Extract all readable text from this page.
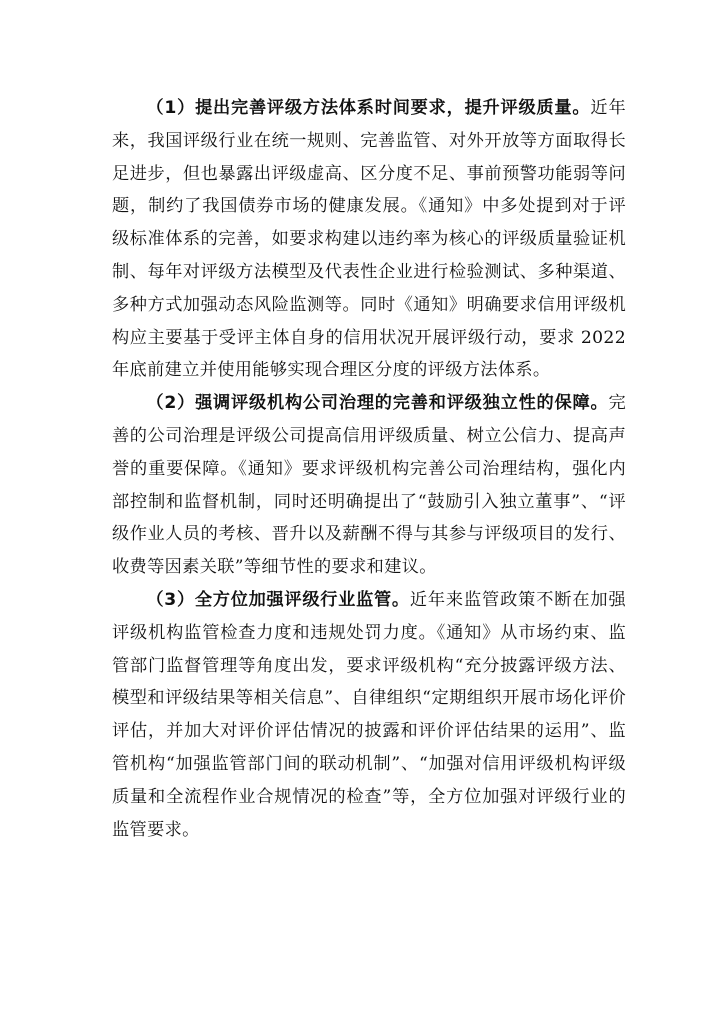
（1）提出完善评级方法体系时间要求，提升评级质量。近年来，我国评级行业在统一规则、完善监管、对外开放等方面取得长足进步，但也暴露出评级虚高、区分度不足、事前预警功能弱等问题，制约了我国债券市场的健康发展。《通知》中多处提到对于评级标准体系的完善，如要求构建以违约率为核心的评级质量验证机制、每年对评级方法模型及代表性企业进行检验测试、多种渠道、多种方式加强动态风险监测等。同时《通知》明确要求信用评级机构应主要基于受评主体自身的信用状况开展评级行动，要求 2022 年底前建立并使用能够实现合理区分度的评级方法体系。

（2）强调评级机构公司治理的完善和评级独立性的保障。完善的公司治理是评级公司提高信用评级质量、树立公信力、提高声誉的重要保障。《通知》要求评级机构完善公司治理结构，强化内部控制和监督机制，同时还明确提出了“鼓励引入独立董事”、“评级作业人员的考核、晋升以及薪酬不得与其参与评级项目的发行、收费等因素关联”等细节性的要求和建议。

（3）全方位加强评级行业监管。近年来监管政策不断在加强评级机构监管检查力度和违规处罚力度。《通知》从市场约束、监管部门监督管理等角度出发，要求评级机构“充分披露评级方法、模型和评级结果等相关信息”、自律组织“定期组织开展市场化评价评估，并加大对评价评估情况的披露和评价评估结果的运用”、监管机构“加强监管部门间的联动机制”、“加强对信用评级机构评级质量和全流程作业合规情况的检查”等，全方位加强对评级行业的监管要求。
